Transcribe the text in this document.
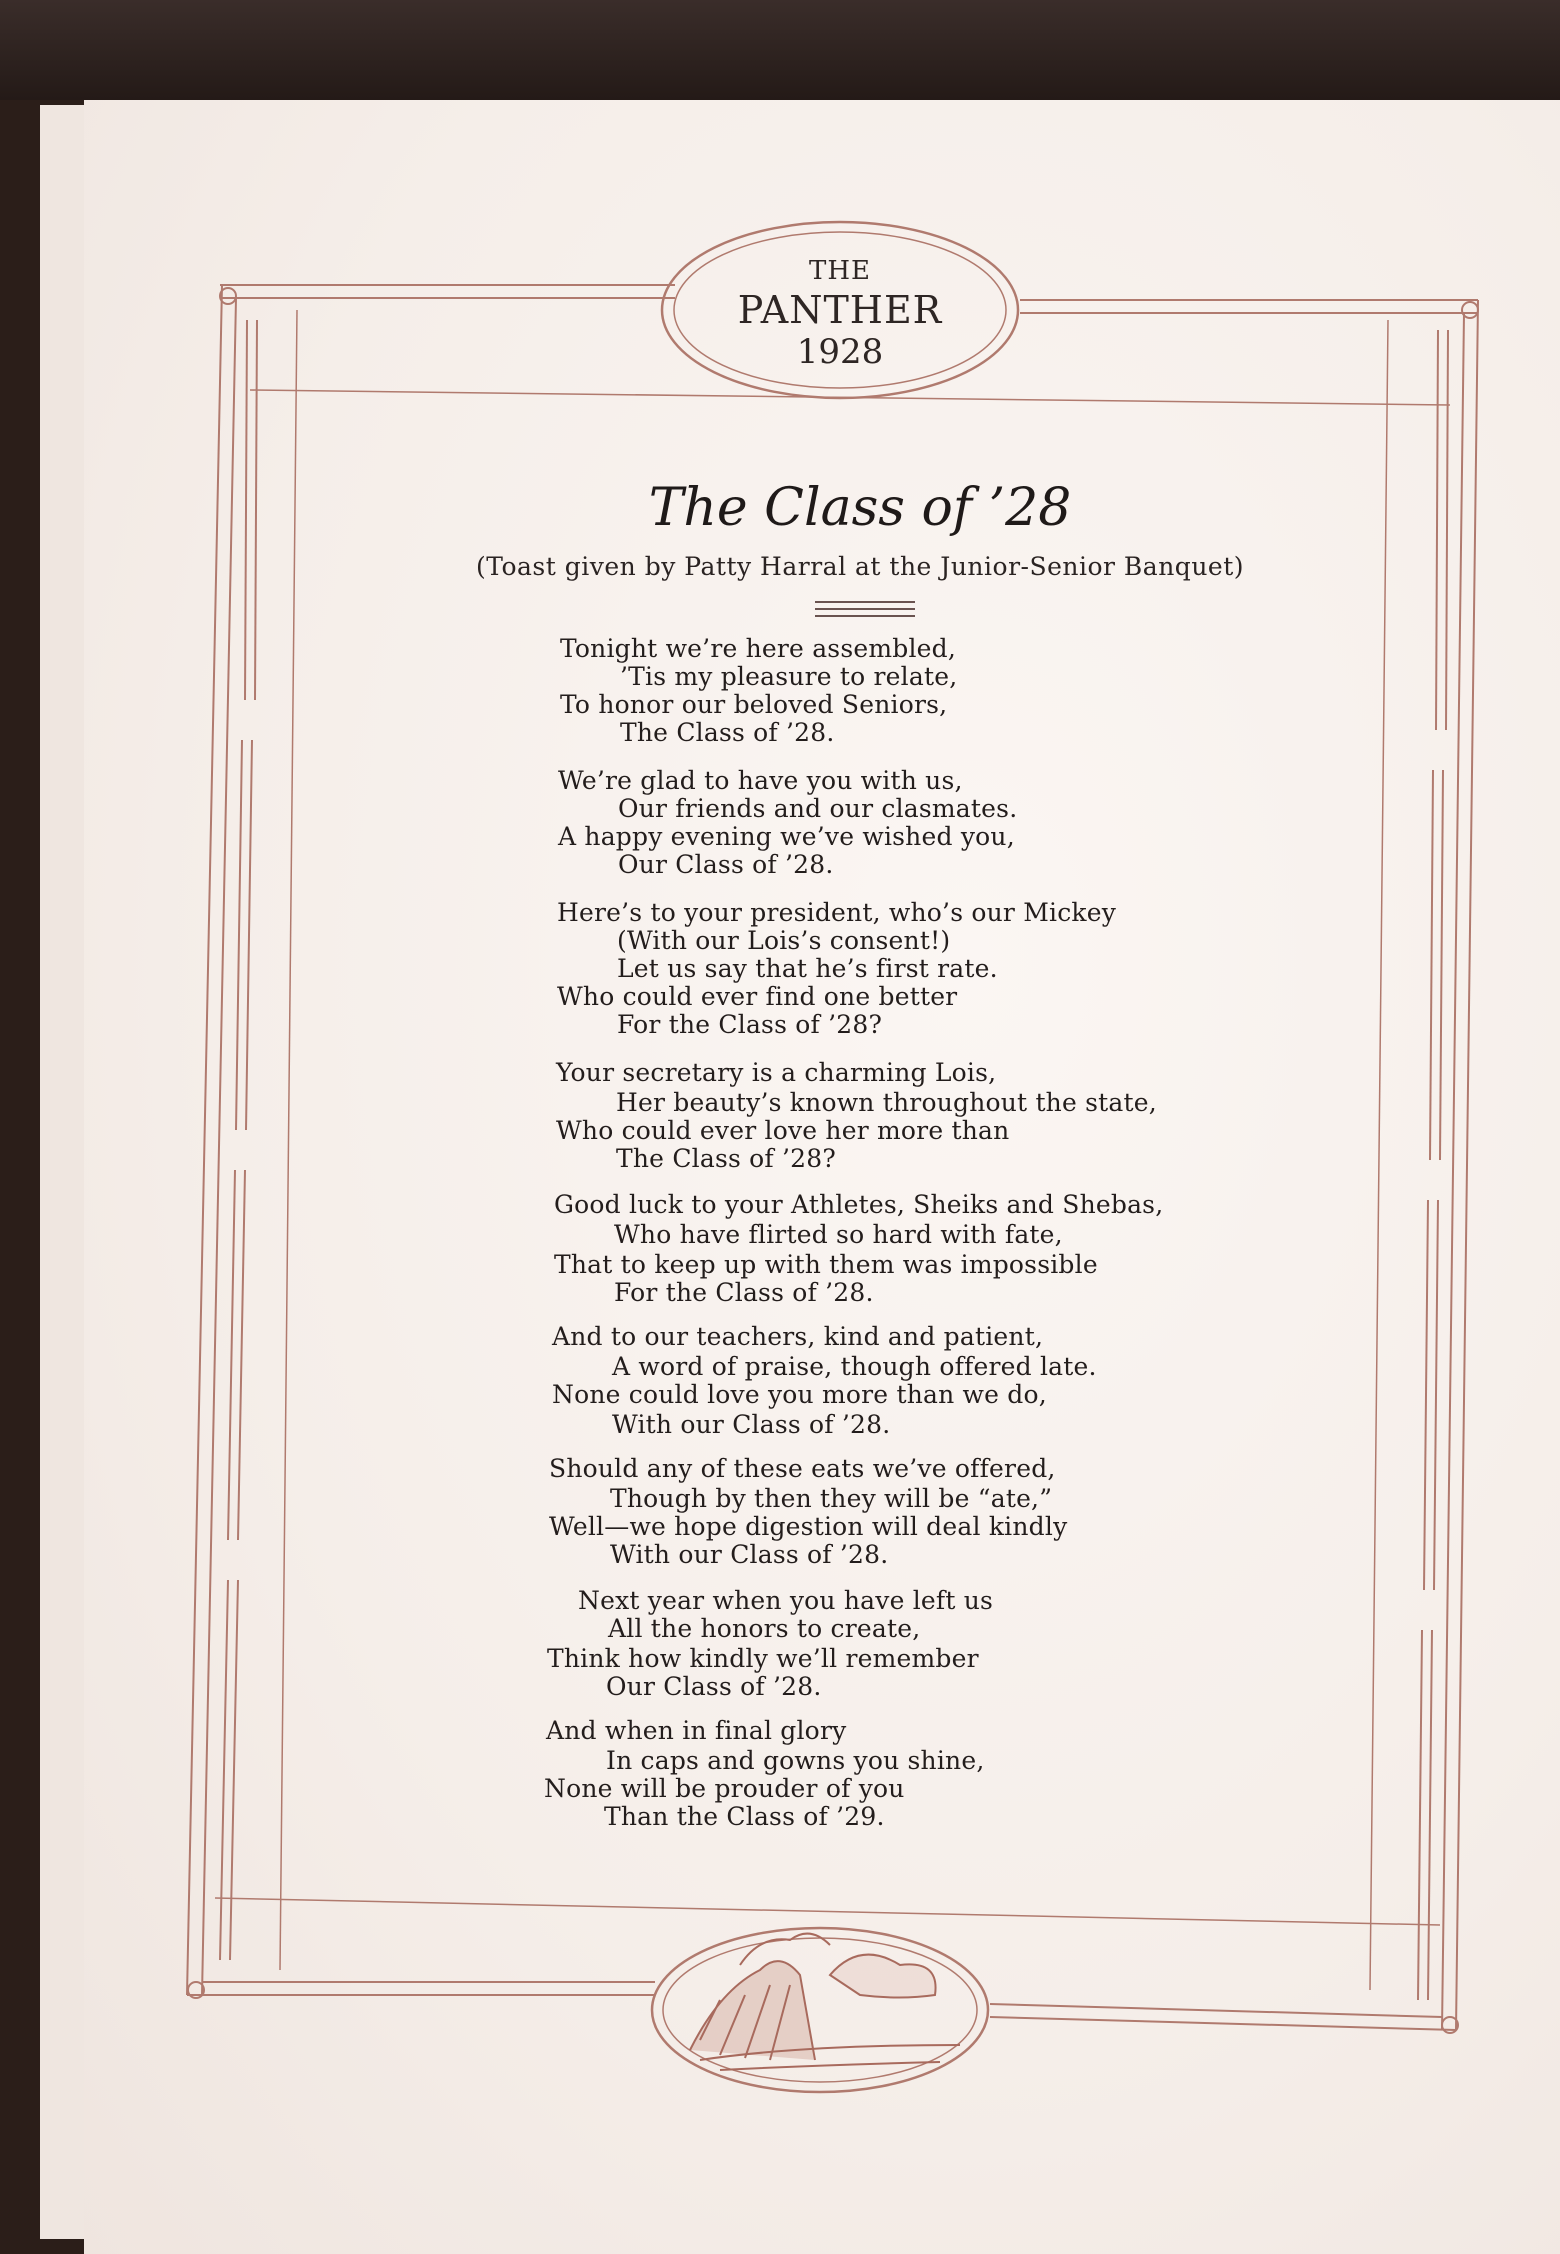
THE
PANTHER
1928
The Class of ’28
(Toast given by Patty Harral at the Junior-Senior Banquet)
Tonight we’re here assembled,
’Tis my pleasure to relate,
To honor our beloved Seniors,
The Class of ’28.
We’re glad to have you with us,
Our friends and our clasmates.
A happy evening we’ve wished you,
Our Class of ’28.
Here’s to your president, who’s our Mickey
(With our Lois’s consent!)
Let us say that he’s first rate.
Who could ever find one better
For the Class of ’28?
Your secretary is a charming Lois,
Her beauty’s known throughout the state,
Who could ever love her more than
The Class of ’28?
Good luck to your Athletes, Sheiks and Shebas,
Who have flirted so hard with fate,
That to keep up with them was impossible
For the Class of ’28.
And to our teachers, kind and patient,
A word of praise, though offered late.
None could love you more than we do,
With our Class of ’28.
Should any of these eats we’ve offered,
Though by then they will be “ate,”
Well—we hope digestion will deal kindly
With our Class of ’28.
Next year when you have left us
All the honors to create,
Think how kindly we’ll remember
Our Class of ’28.
And when in final glory
In caps and gowns you shine,
None will be prouder of you
Than the Class of ’29.
